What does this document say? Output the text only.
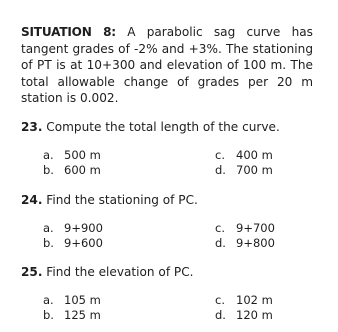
SITUATION 8: A parabolic sag curve has tangent grades of -2% and +3%. The stationing of PT is at 10+300 and elevation of 100 m. The total allowable change of grades per 20 m station is 0.002.

23. Compute the total length of the curve.

a. 500 m
b. 600 m
c. 400 m
d. 700 m

24. Find the stationing of PC.

a. 9+900
b. 9+600
c. 9+700
d. 9+800

25. Find the elevation of PC.

a. 105 m
b. 125 m
c. 102 m
d. 120 m
